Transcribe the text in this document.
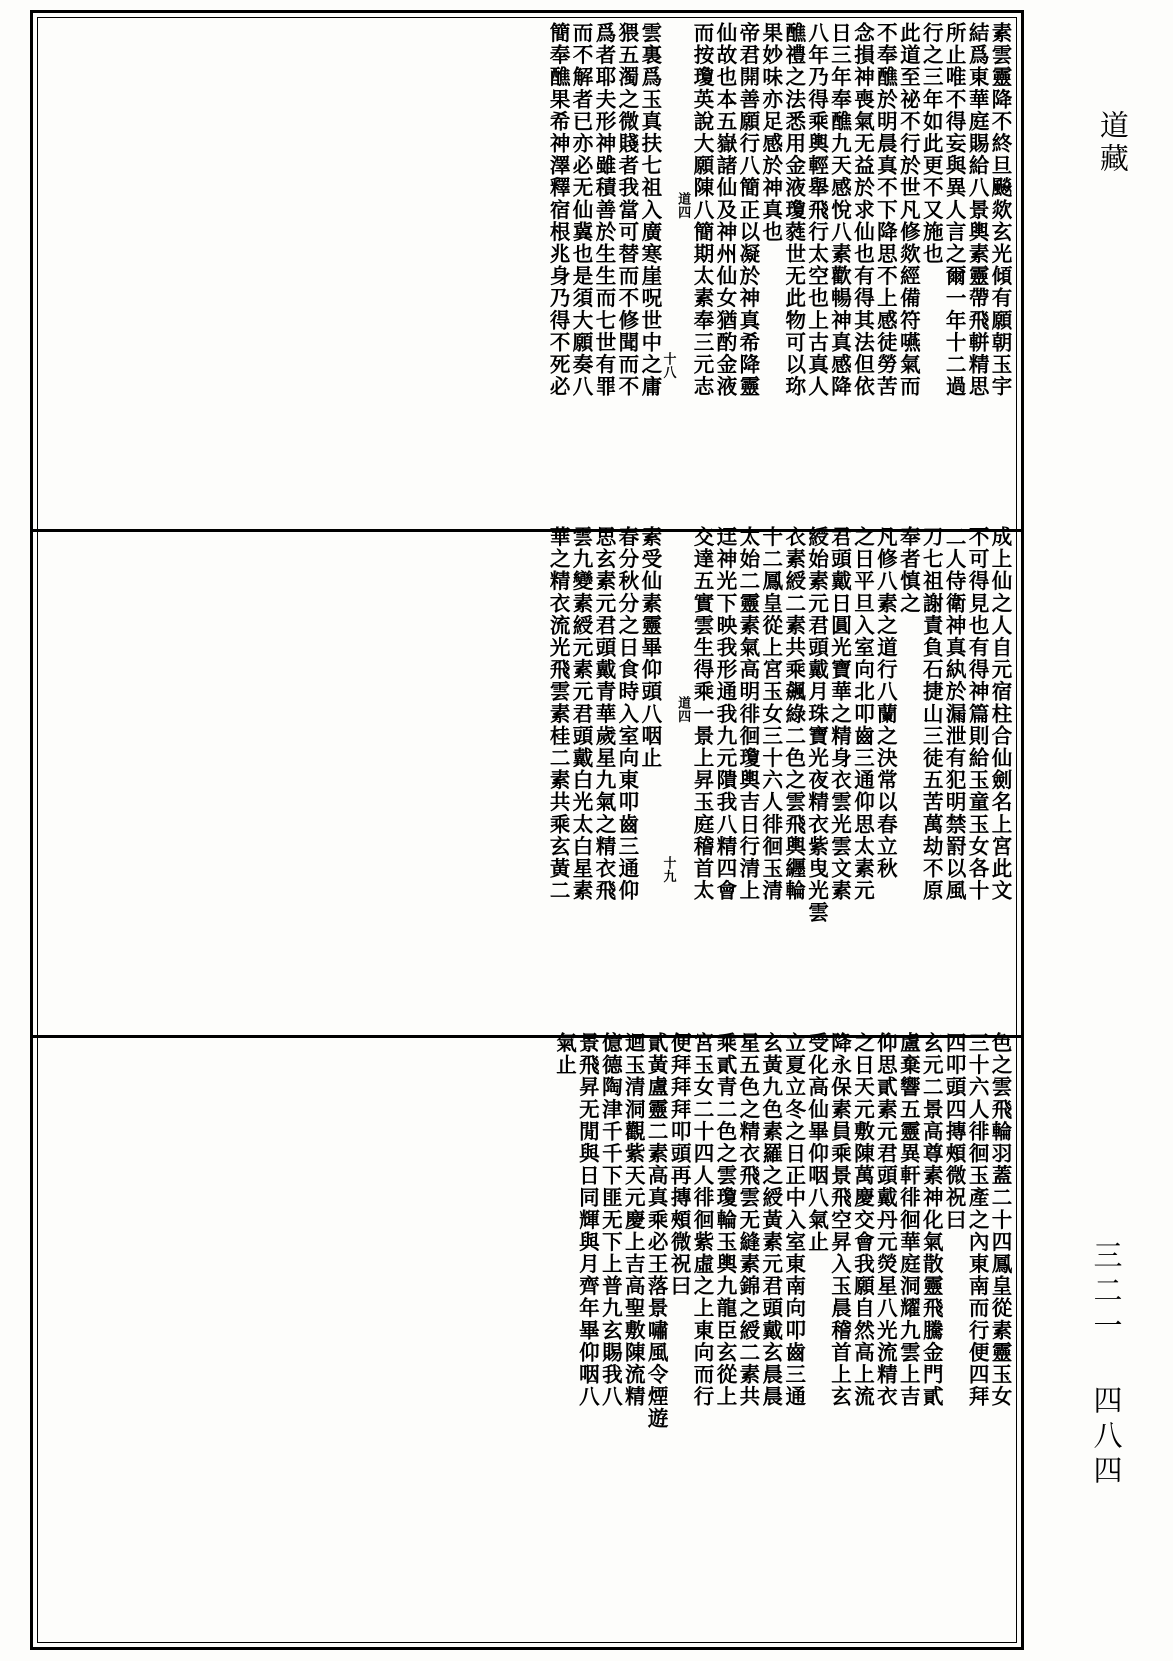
素雲靈降不終旦飈欻玄光傾有願朝玉宇
結爲東華庭賜給八景輿素靈帶飛軿精思
所止唯不得妄與異人言之爾一年十二過
行之三年如此更不又施也
此道至祕不行於世凡修欻經備符嚥氣而
不奉醮於明晨真不下降思不上感徒勞苦
念損神喪氣无益於求仙也有得其法但依
日三年奉醮九天感悅八素歡暢神真感降
八年乃得乘輿輕舉飛行太空也上古真人
醮禮之法悉用金液瓊蕤世无此物可以珎
果妙味亦足感於神真也
帝君開善願行八簡正以凝於神真希降靈
仙故也本五嶽諸仙及神州仙女猶酌金液
而按瓊英說大願陳八簡期太素奉三元志
道四
十八
雲裏爲玉真扶七祖入廣寒崖呪世中之庸
猥五濁之微賤者我當可替而不修聞而不
爲者耶夫形神雖積善於生生而七世有罪
而不解者已亦必无仙冀也是須大願奏八
簡奉醮果希神澤釋宿根兆身乃得不死必
成上仙之人自元宿柱合仙劍名上宮此文
不可得見也有得神篇則給玉童玉女各十
二人侍衛神真紈於漏泄有犯明禁罸以風
刀七祖謝責負石捷山三徒五苦萬劫不原
奉者慎之
凡修八素之道行八蘭之決常以春立秋
之日平旦入室向北叩齒三通仰思太素元
君頭戴日圓光寶華之精身衣雲光雲文素
綬始素元君頭戴月珠寶光夜精衣紫曳光雲
衣素綬二素共乘飆綠二色之雲飛輿纒輪
十二鳳皇從上宮玉女三十六人徘徊玉清
太始二靈素氣高明徘徊瓊輿吉日行清上
迋神光下映我形通我九元隤我八精四會
交達五實雲生得乘一景上昇玉庭稽首太
道四
十九
素受仙素靈畢仰頭八咽止
春分秋分之日食時入室向東叩齒三通仰
思玄素元君頭戴青華歲星九氣之精衣飛
雲九變素綬元素元君頭戴白光太白星素
華之精衣流光飛雲素桂二素共乘玄黃二
色之雲飛輪羽蓋二十四鳳皇從素靈玉女
三十六人徘徊玉產之內東南而行便四拜
四叩頭四摶頰微祝曰
玄元二景高尊素神化氣散靈飛騰金門貳
盧棄響五靈異軒徘徊華庭洞耀九雲上吉
仰思貳素元君頭戴丹元熒星八光流精衣
之日天元敷陳萬慶交會我願自然高上流
降永保素員乘景飛空昇入玉晨稽首上玄
受化高仙畢仰咽八氣止
立夏立冬之日正中入室東南向叩齒三通
玄黃九色素羅之綬黃素元君頭戴玄晨晨
星五色之精衣飛雲无縫素錦之綬二素共
乘貳青二色之雲瓊輪玉輿九龍臣玄從上
宮玉女二十四人徘徊紫虛之上東向而行
便拜拜拜叩頭再摶頰微祝曰
貳黃盧靈二素高真乘必王落景嘯風令煙遊
迴玉清洞觀紫天元慶上吉高聖敷陳流精
億德陶津千千下匪无下上普九玄賜我八
景飛昇无閒與日同輝與月齊年畢仰咽八
氣止
道藏
三二一 四八四
